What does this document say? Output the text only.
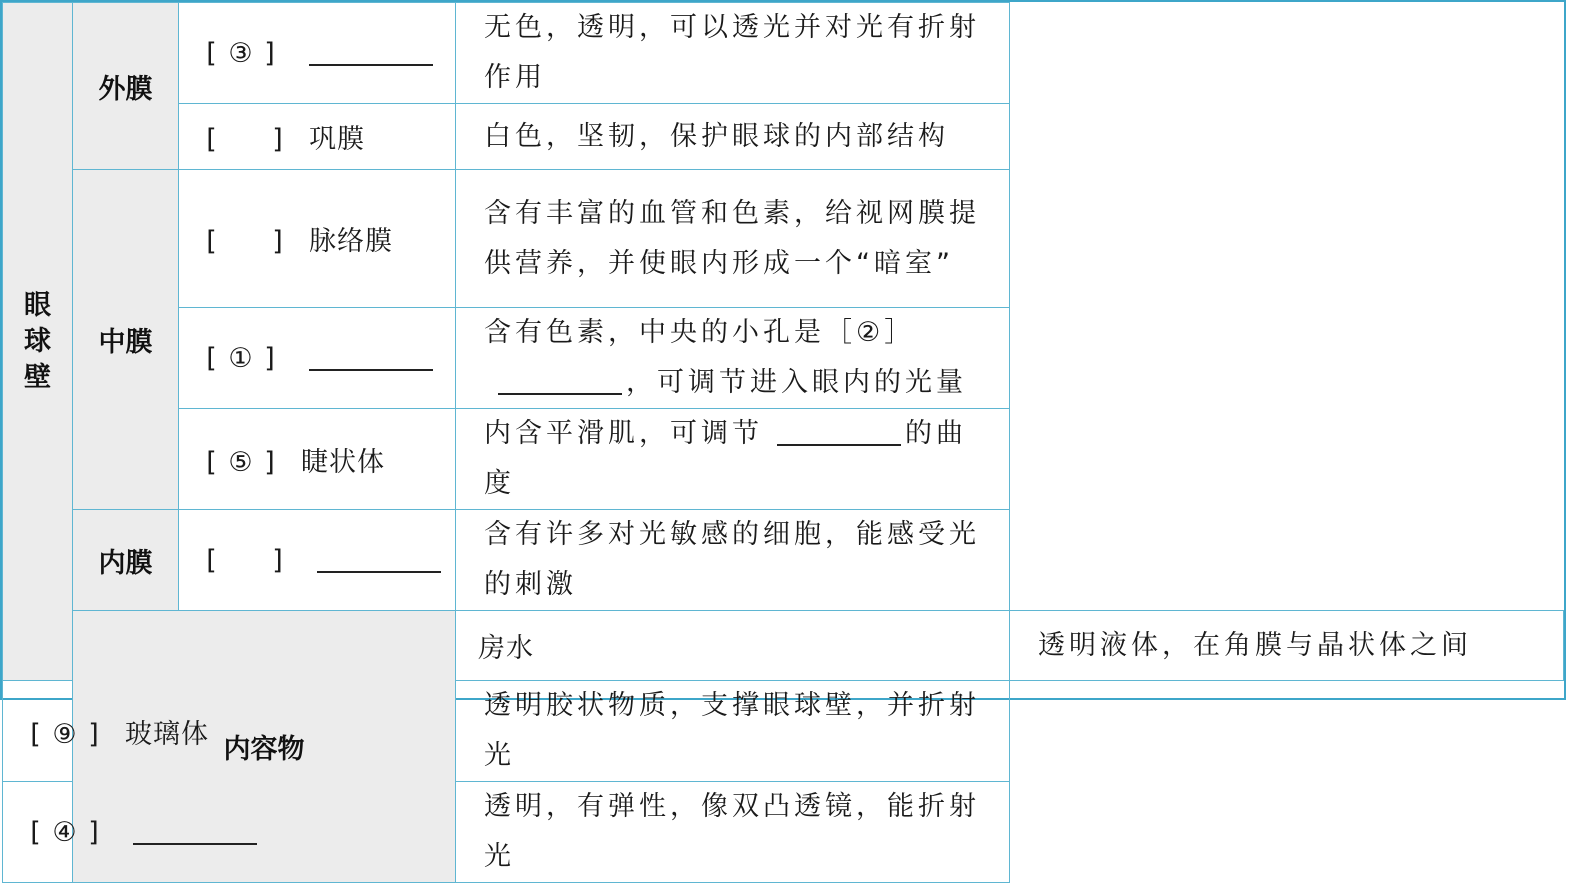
眼
球
壁	外膜	[ ③ ]	无色，透明，可以透光并对光有折射作用	
		[ ] 巩膜	白色，坚韧，保护眼球的内部结构	
	中膜	[ ] 脉络膜	含有丰富的血管和色素，给视网膜提供营养，并使眼内形成一个“暗室”	
		[ ① ]	含有色素，中央的小孔是［②］，可调节进入眼内的光量	
		[ ⑤ ] 睫状体	内含平滑肌，可调节 的曲度	
	内膜	[ ]	含有许多对光敏感的细胞，能感受光的刺激	
	内容物		房水	透明液体，在角膜与晶状体之间
[ ⑨ ] 玻璃体			透明胶状物质，支撑眼球壁，并折射光	
[ ④ ]			透明，有弹性，像双凸透镜，能折射光	
